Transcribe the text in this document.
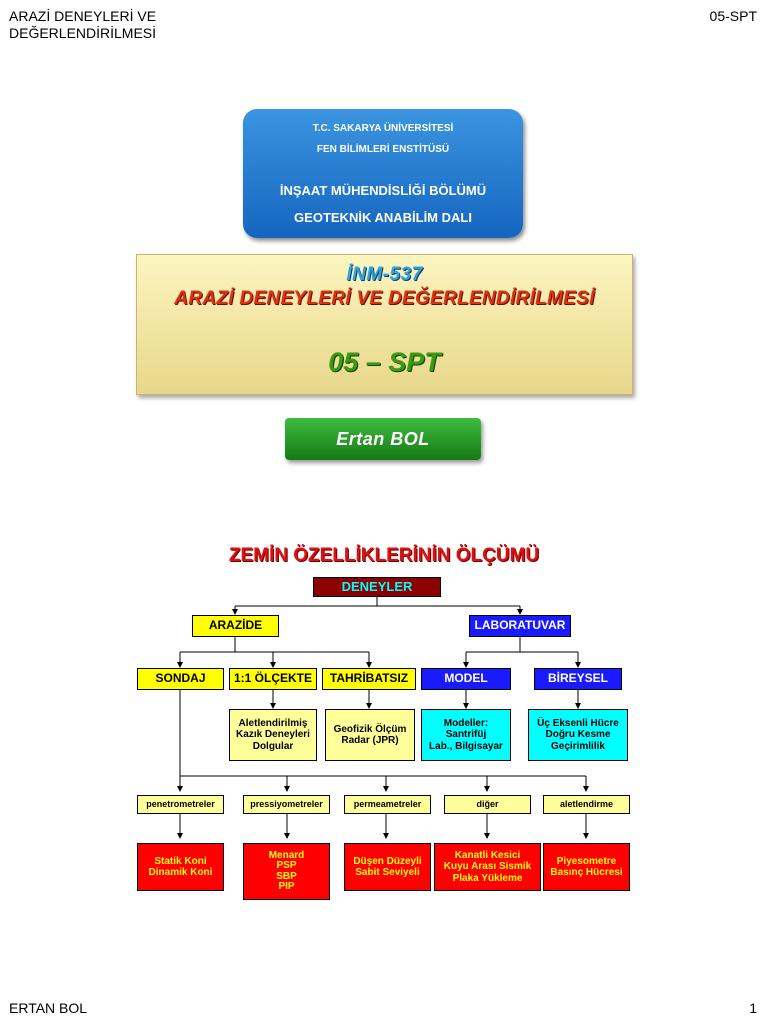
ARAZİ DENEYLERİ VE DEĞERLENDİRİLMESİ
05-SPT
ERTAN BOL	1
T.C. SAKARYA ÜNİVERSİTESİ
FEN BİLİMLERİ ENSTİTÜSÜ
İNŞAAT MÜHENDİSLİĞİ BÖLÜMÜ
GEOTEKNİK ANABİLİM DALI
İNM-537
ARAZİ DENEYLERİ VE DEĞERLENDİRİLMESİ
05 – SPT
Ertan BOL
ZEMİN ÖZELLİKLERİNİN ÖLÇÜMÜ
DENEYLER
ARAZİDE	LABORATUVAR
SONDAJ	1:1 ÖLÇEKTE	TAHRİBATSIZ	MODEL	BİREYSEL
Aletlendirilmiş
Kazık Deneyleri
Dolgular
Geofizik Ölçüm
Radar (JPR)
Modeller:
Santrifüj
Lab., Bilgisayar
Üç Eksenli Hücre
Doğru Kesme
Geçirimlilik
penetrometreler	pressiyometreler	permeametreler	diğer	aletlendirme
Statik Koni
Dinamik Koni
Menard
PSP
SBP
PIP
Düşen Düzeyli
Sabit Seviyeli
Kanatli Kesici
Kuyu Arası Sismik
Plaka Yükleme
Piyesometre
Basınç Hücresi
